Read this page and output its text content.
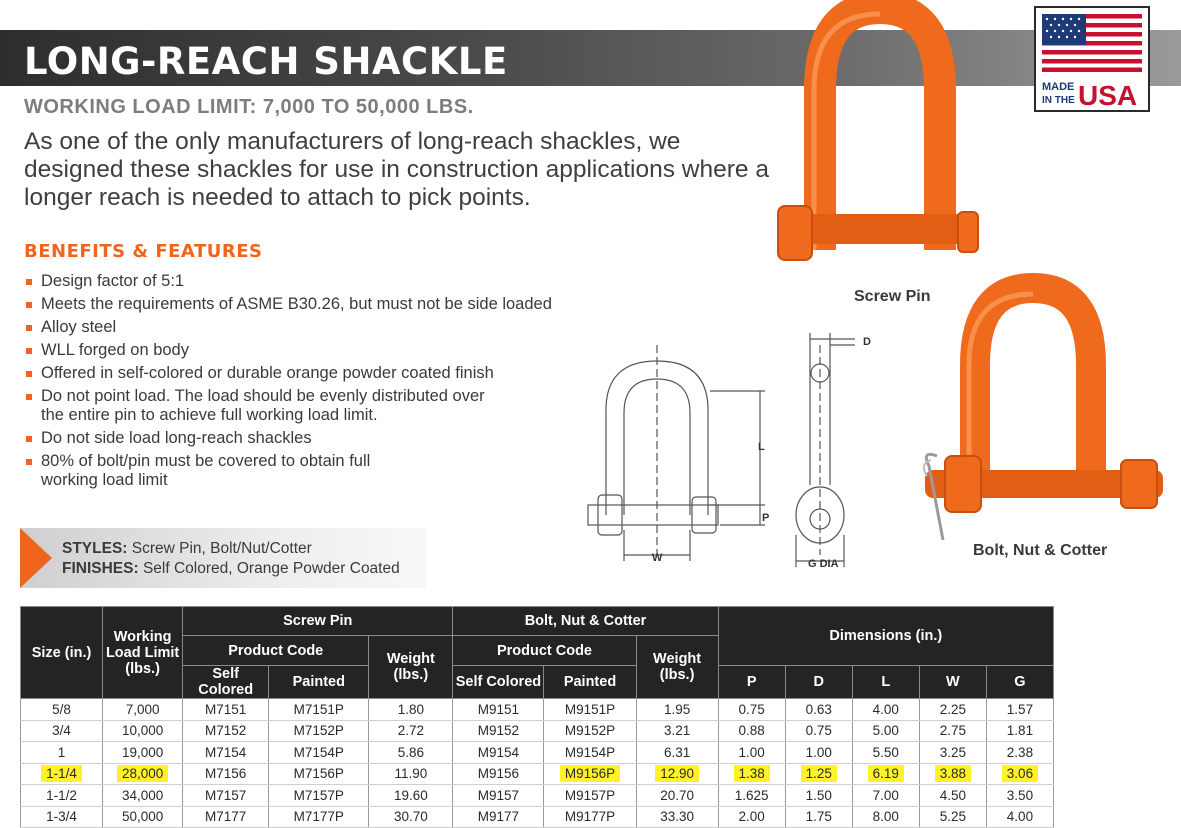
LONG-REACH SHACKLE
WORKING LOAD LIMIT: 7,000 TO 50,000 LBS.
As one of the only manufacturers of long-reach shackles, we designed these shackles for use in construction applications where a longer reach is needed to attach to pick points.
MADE
IN THE USA
Screw Pin
Bolt, Nut & Cotter
L
P
W
D
G DIA
BENEFITS & FEATURES
Design factor of 5:1
Meets the requirements of ASME B30.26, but must not be side loaded
Alloy steel
WLL forged on body
Offered in self-colored or durable orange powder coated finish
Do not point load. The load should be evenly distributed over the entire pin to achieve full working load limit.
Do not side load long-reach shackles
80% of bolt/pin must be covered to obtain full working load limit
STYLES: Screw Pin, Bolt/Nut/Cotter
FINISHES: Self Colored, Orange Powder Coated
Size (in.)	Working Load Limit (lbs.)	Screw Pin			Bolt, Nut & Cotter			Dimensions (in.)				
		Product Code		Weight (lbs.)	Product Code		Weight (lbs.)					
		Self Colored	Painted		Self Colored	Painted		P	D	L	W	G
5/8	7,000	M7151	M7151P	1.80	M9151	M9151P	1.95	0.75	0.63	4.00	2.25	1.57
3/4	10,000	M7152	M7152P	2.72	M9152	M9152P	3.21	0.88	0.75	5.00	2.75	1.81
1	19,000	M7154	M7154P	5.86	M9154	M9154P	6.31	1.00	1.00	5.50	3.25	2.38
1-1/4	28,000	M7156	M7156P	11.90	M9156	M9156P	12.90	1.38	1.25	6.19	3.88	3.06
1-1/2	34,000	M7157	M7157P	19.60	M9157	M9157P	20.70	1.625	1.50	7.00	4.50	3.50
1-3/4	50,000	M7177	M7177P	30.70	M9177	M9177P	33.30	2.00	1.75	8.00	5.25	4.00
